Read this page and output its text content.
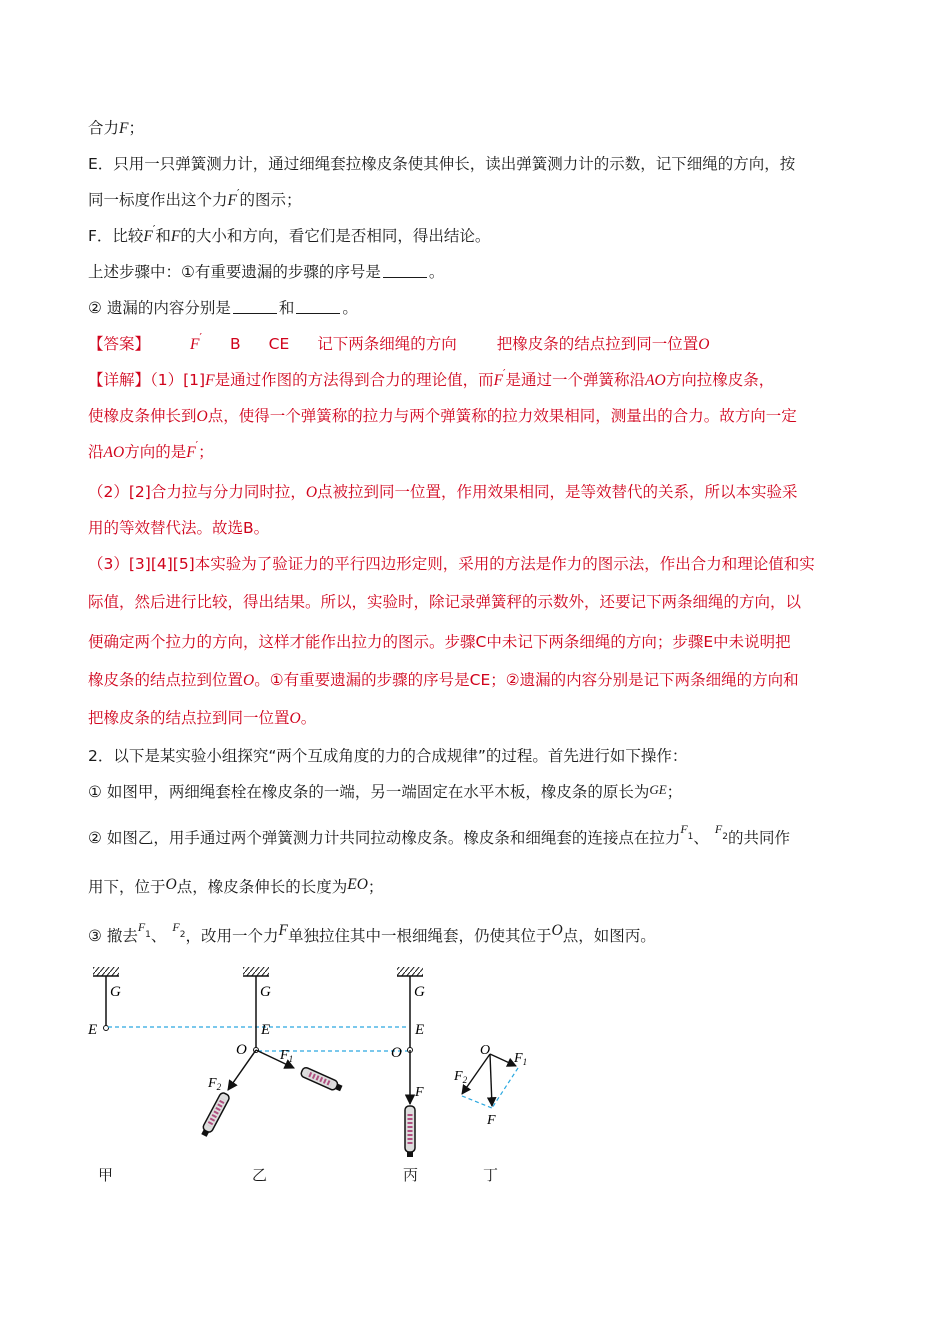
合力F；
E．只用一只弹簧测力计，通过细绳套拉橡皮条使其伸长，读出弹簧测力计的示数，记下细绳的方向，按
同一标度作出这个力F′的图示；
F．比较F′和F的大小和方向，看它们是否相同，得出结论。
上述步骤中：①有重要遗漏的步骤的序号是	。
② 遗漏的内容分别是	和	。
【答案】	F′ B CE 记下两条细绳的方向	把橡皮条的结点拉到同一位置O
【详解】（1）[1]F是通过作图的方法得到合力的理论值，而F′是通过一个弹簧称沿AO方向拉橡皮条，
使橡皮条伸长到O点，使得一个弹簧称的拉力与两个弹簧称的拉力效果相同，测量出的合力。故方向一定
沿AO方向的是F′；
（2）[2]合力拉与分力同时拉，O点被拉到同一位置，作用效果相同，是等效替代的关系，所以本实验采
用的等效替代法。故选B。
（3）[3][4][5]本实验为了验证力的平行四边形定则，采用的方法是作力的图示法，作出合力和理论值和实
际值，然后进行比较，得出结果。所以，实验时，除记录弹簧秤的示数外，还要记下两条细绳的方向，以
便确定两个拉力的方向，这样才能作出拉力的图示。步骤C中未记下两条细绳的方向；步骤E中未说明把
橡皮条的结点拉到位置O。①有重要遗漏的步骤的序号是CE；②遗漏的内容分别是记下两条细绳的方向和
把橡皮条的结点拉到同一位置O。
2．以下是某实验小组探究“两个互成角度的力的合成规律”的过程。首先进行如下操作：
① 如图甲，两细绳套栓在橡皮条的一端，另一端固定在水平木板，橡皮条的原长为GE；
② 如图乙，用手通过两个弹簧测力计共同拉动橡皮条。橡皮条和细绳套的连接点在拉力$^{F1}$、 $^{F2}$的共同作
用下，位于O点，橡皮条伸长的长度为EO；
③ 撤去$^{F1}$、 $^{F2}$，改用一个力F单独拉住其中一根细绳套，仍使其位于O点，如图丙。
G
E
G
E
O $F_1$
$F_2$
G
E
O
F
O
$F_1$
$F_2$
F
甲	乙	丙	丁
